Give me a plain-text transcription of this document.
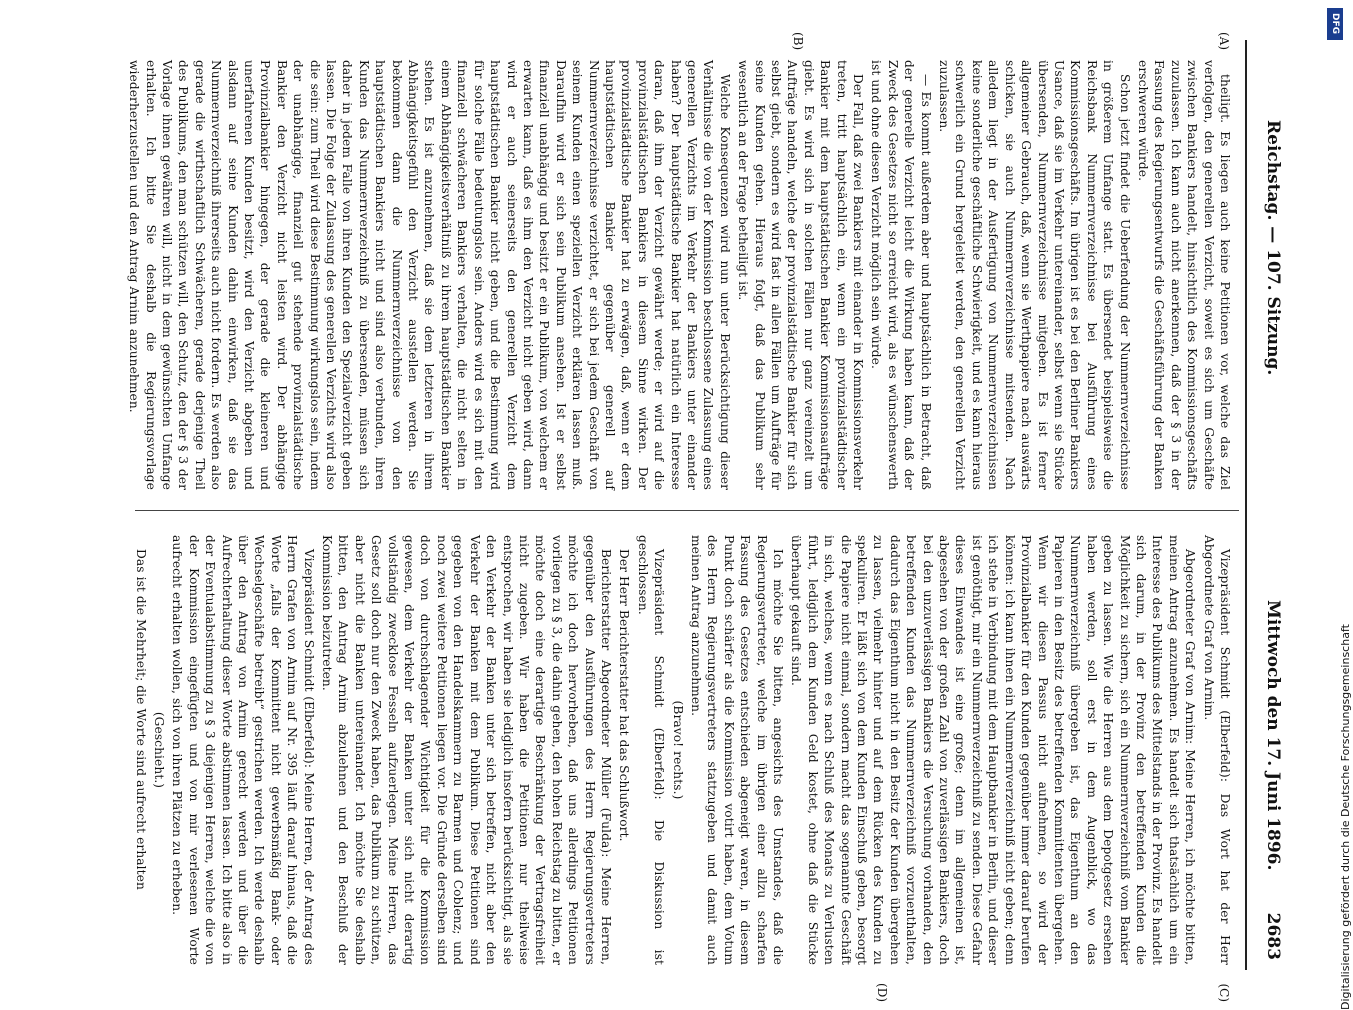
Reichstag. — 107. Sitzung.
Mittwoch den 17. Juni 1896.
2683
(A)
(B)
(C)
(D)

theiligt. Es liegen auch keine Petitionen vor, welche das Ziel verfolgen, den generellen Verzicht, soweit es sich um Geschäfte zwischen Bankiers handelt, hinsichtlich des Kommissionsgeschäfts zuzulassen. Ich kann auch nicht anerkennen, daß der § 3 in der Fassung des Regierungsentwurfs die Geschäftsführung der Banken erschweren würde.

Schon jetzt findet die Ueberfendung der Nummernverzeichnisse in größerem Umfange statt. Es übersendet beispielsweise die Reichsbank Nummernverzeichnisse bei Ausführung eines Kommissionsgeschäfts. Im übrigen ist es bei den Berliner Bankiers Usance, daß sie im Verkehr untereinander, selbst wenn sie Stücke übersenden, Nummernverzeichnisse mitgeben. Es ist ferner allgemeiner Gebrauch, daß, wenn sie Werthpapiere nach auswärts schicken, sie auch Nummernverzeichnisse mitsenden. Nach alledem liegt in der Ausfertigung von Nummernverzeichnissen keine sonderliche geschäftliche Schwierigkeit, und es kann hieraus schwerlich ein Grund hergeleitet werden, den generellen Verzicht zuzulassen.

— Es kommt außerdem aber und hauptsächlich in Betracht, daß der generelle Verzicht leicht die Wirkung haben kann, daß der Zweck des Gesetzes nicht so erreicht wird, als es wünschenswerth ist und ohne diesen Verzicht möglich sein würde.

Der Fall, daß zwei Bankiers mit einander in Kommissionsverkehr treten, tritt hauptsächlich ein, wenn ein provinzialstädtischer Bankier mit dem hauptstädtischen Bankier Kommissionsaufträge giebt. Es wird sich in solchen Fällen nur ganz vereinzelt um Aufträge handeln, welche der provinzialstädtische Bankier für sich selbst giebt, sondern es wird fast in allen Fällen um Aufträge für seine Kunden gehen. Hieraus folgt, daß das Publikum sehr wesentlich an der Frage betheiligt ist.

Welche Konsequenzen wird nun unter Berücksichtigung dieser Verhältnisse die von der Kommission beschlossene Zulassung eines generellen Verzichts im Verkehr der Bankiers unter einander haben? Der hauptstädtische Bankier hat natürlich ein Interesse daran, daß ihm der Verzicht gewährt werde; er wird auf die provinzialstädtischen Bankiers in diesem Sinne wirken. Der provinzialstädtische Bankier hat zu erwägen, daß, wenn er dem hauptstädtischen Bankier gegenüber generell auf Nummernverzeichnisse verzichtet, er sich bei jedem Geschäft von seinem Kunden einen speziellen Verzicht erklären lassen muß. Daraufhin wird er sich sein Publikum ansehen. Ist er selbst finanziell unabhängig und besitzt er ein Publikum, von welchem er erwarten kann, daß es ihm den Verzicht nicht geben wird, dann wird er auch seinerseits den generellen Verzicht dem hauptstädtischen Bankier nicht geben, und die Bestimmung wird für solche Fälle bedeutungslos sein. Anders wird es sich mit den finanziell schwächeren Bankiers verhalten, die nicht selten in einem Abhängigkeitsverhältniß zu ihrem hauptstädtischen Bankier stehen. Es ist anzunehmen, daß sie dem letzteren in ihrem Abhängigkeitsgefühl den Verzicht ausstellen werden. Sie bekommen dann die Nummernverzeichnisse von den hauptstädtischen Bankiers nicht und sind also verbunden, ihren Kunden das Nummernverzeichniß zu übersenden, müssen sich daher in jedem Falle von ihren Kunden den Spezialverzicht geben lassen. Die Folge der Zulassung des generellen Verzichts wird also die sein: zum Theil wird diese Bestimmung wirkungslos sein, indem der unabhängige, finanziell gut stehende provinzialstädtische Bankier den Verzicht nicht leisten wird. Der abhängige Provinzialbankier hingegen, der gerade die kleineren und unerfahrenen Kunden besitzt, wird den Verzicht abgeben und alsdann auf seine Kunden dahin einwirken, daß sie das Nummernverzeichniß ihrerseits auch nicht fordern. Es werden also gerade die wirthschaftlich Schwächeren, gerade derjenige Theil des Publikums, den man schützen will, den Schutz, den der § 3 der Vorlage ihnen gewähren will, nicht in dem gewünschten Umfange erhalten. Ich bitte Sie deshalb die Regierungsvorlage wiederherzustellen und den Antrag Arnim anzunehmen.

Vizepräsident Schmidt (Elberfeld): Das Wort hat der Herr Abgeordnete Graf von Arnim.

Abgeordneter Graf von Arnim: Meine Herren, ich möchte bitten, meinen Antrag anzunehmen. Es handelt sich thatsächlich um ein Interesse des Publikums des Mittelstands in der Provinz. Es handelt sich darum, in der Provinz den betreffenden Kunden die Möglichkeit zu sichern, sich ein Nummernverzeichniß vom Bankier geben zu lassen. Wie die Herren aus dem Depotgesetz ersehen haben werden, soll erst in dem Augenblick, wo das Nummernverzeichniß übergeben ist, das Eigenthum an den Papieren in den Besitz des betreffenden Kommittenten übergehen. Wenn wir diesen Passus nicht aufnehmen, so wird der Provinzialbankier für den Kunden gegenüber immer darauf berufen können: ich kann ihnen ein Nummernverzeichniß nicht geben; denn ich stehe in Verbindung mit dem Hauptbankier in Berlin, und dieser ist genöthigt, mir ein Nummernverzeichniß zu senden. Diese Gefahr dieses Einwandes ist eine große; denn im allgemeinen ist, abgesehen von der großen Zahl von zuverlässigen Bankiers, doch bei den unzuverlässigen Bankiers die Versuchung vorhanden, den betreffenden Kunden das Nummernverzeichniß vorzuenthalten, dadurch das Eigenthum nicht in den Besitz der Kunden übergehen zu lassen, vielmehr hinter und auf dem Rücken des Kunden zu spekuliren. Er läßt sich von dem Kunden Einschuß geben, besorgt die Papiere nicht einmal, sondern macht das sogenannte Geschäft in sich, welches, wenn es nach Schluß des Monats zu Verlusten führt, lediglich dem Kunden Geld kostet, ohne daß die Stücke überhaupt gekauft sind.

Ich möchte Sie bitten, angesichts des Umstandes, daß die Regierungsvertreter, welche im übrigen einer allzu scharfen Fassung des Gesetzes entschieden abgeneigt waren, in diesem Punkt doch schärfer als die Kommission votirt haben, dem Votum des Herrn Regierungsvertreters stattzugeben und damit auch meinen Antrag anzunehmen.

(Bravo! rechts.)

Vizepräsident Schmidt (Elberfeld): Die Diskussion ist geschlossen.

Der Herr Berichterstatter hat das Schlußwort.

Berichterstatter Abgeordneter Müller (Fulda): Meine Herren, gegenüber den Ausführungen des Herrn Regierungsvertreters möchte ich doch hervorheben, daß uns allerdings Petitionen vorliegen zu § 3, die dahin gehen, den hohen Reichstag zu bitten, er möchte doch eine derartige Beschränkung der Vertragsfreiheit nicht zugeben. Wir haben die Petitionen nur theilweise entsprochen, wir haben sie lediglich insofern berücksichtigt, als sie den Verkehr der Banken unter sich betreffen, nicht aber den Verkehr der Banken mit dem Publikum. Diese Petitionen sind gegeben von den Handelskammern zu Barmen und Coblenz; und noch zwei weitere Petitionen liegen vor. Die Gründe derselben sind doch von durchschlagender Wichtigkeit für die Kommission gewesen, dem Verkehr der Banken unter sich nicht derartig vollständig zwecklose Fesseln aufzuerlegen. Meine Herren, das Gesetz soll doch nur den Zweck haben, das Publikum zu schützen, aber nicht die Banken untereinander. Ich möchte Sie deshalb bitten, den Antrag Arnim abzulehnen und den Beschluß der Kommission beizutreten.

Vizepräsident Schmidt (Elberfeld): Meine Herren, der Antrag des Herrn Grafen von Arnim auf Nr. 395 läuft darauf hinaus, daß die Worte „falls der Kommittent nicht gewerbsmäßig Bank- oder Wechselgeschäfte betreibt“ gestrichen werden. Ich werde deshalb über den Antrag von Arnim gerecht werden und über die Aufrechterhaltung dieser Worte abstimmen lassen. Ich bitte also in der Eventualabstimmung zu § 3 diejenigen Herren, welche die von der Kommission eingefügten und von mir verlesenen Worte aufrecht erhalten wollen, sich von ihren Plätzen zu erheben.

(Geschieht.)

Das ist die Mehrheit; die Worte sind aufrecht erhalten

DFG
Digitalisierung gefördert durch die Deutsche Forschungsgemeinschaft
